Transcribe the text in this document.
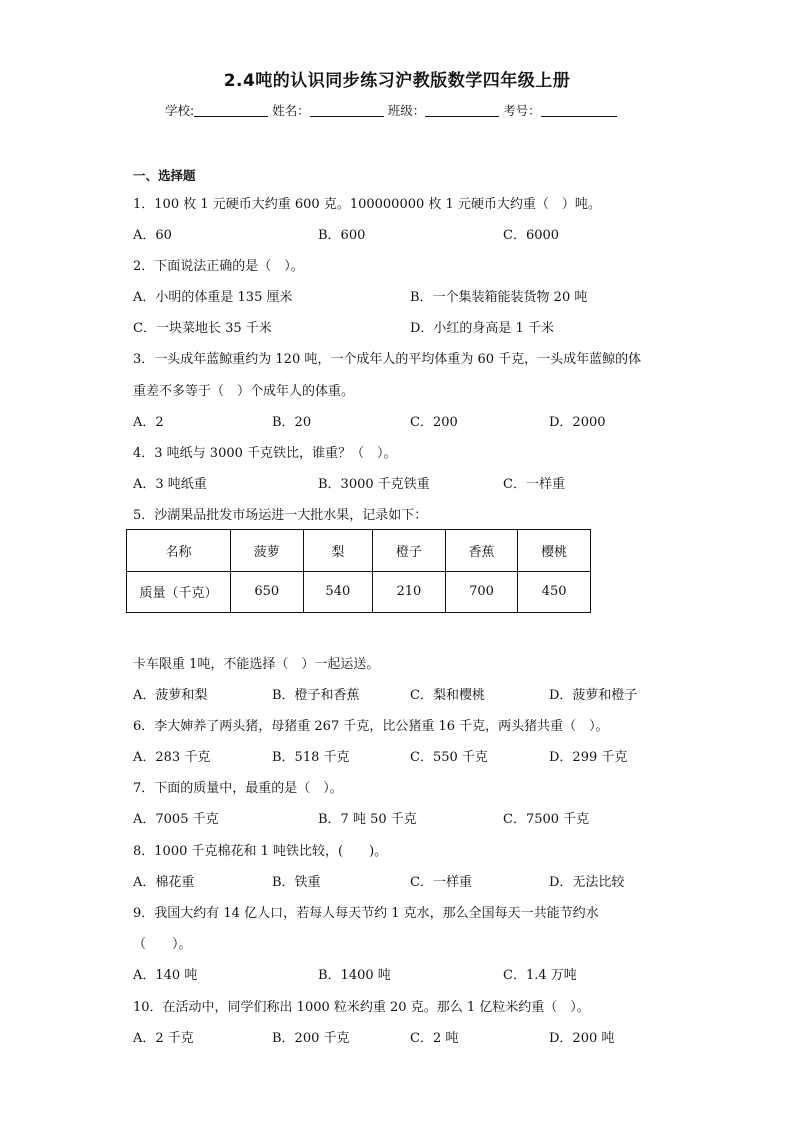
2.4吨的认识同步练习沪教版数学四年级上册
学校:	姓名：	班级：	考号：
一、选择题
1．100 枚 1 元硬币大约重 600 克。100000000 枚 1 元硬币大约重（　）吨。
A．60	B．600	C．6000
2．下面说法正确的是（　）。
A．小明的体重是 135 厘米	B．一个集装箱能装货物 20 吨
C．一块菜地长 35 千米	D．小红的身高是 1 千米
3．一头成年蓝鲸重约为 120 吨，一个成年人的平均体重为 60 千克，一头成年蓝鲸的体
重差不多等于（　）个成年人的体重。
A．2	B．20	C．200	D．2000
4．3 吨纸与 3000 千克铁比，谁重？（　）。
A．3 吨纸重	B．3000 千克铁重	C．一样重
5．沙湖果品批发市场运进一大批水果，记录如下：
名称	菠萝	梨	橙子	香蕉	樱桃
质量（千克）	650	540	210	700	450
卡车限重 1吨，不能选择（　）一起运送。
A．菠萝和梨	B．橙子和香蕉	C．梨和樱桃	D．菠萝和橙子
6．李大婶养了两头猪，母猪重 267 千克，比公猪重 16 千克，两头猪共重（　）。
A．283 千克	B．518 千克	C．550 千克	D．299 千克
7．下面的质量中，最重的是（　）。
A．7005 千克	B．7 吨 50 千克	C．7500 千克
8．1000 千克棉花和 1 吨铁比较，(　　)。
A．棉花重	B．铁重	C．一样重	D．无法比较
9．我国大约有 14 亿人口，若每人每天节约 1 克水，那么全国每天一共能节约水
（　　）。
A．140 吨	B．1400 吨	C．1.4 万吨
10．在活动中，同学们称出 1000 粒米约重 20 克。那么 1 亿粒米约重（　）。
A．2 千克	B．200 千克	C．2 吨	D．200 吨
